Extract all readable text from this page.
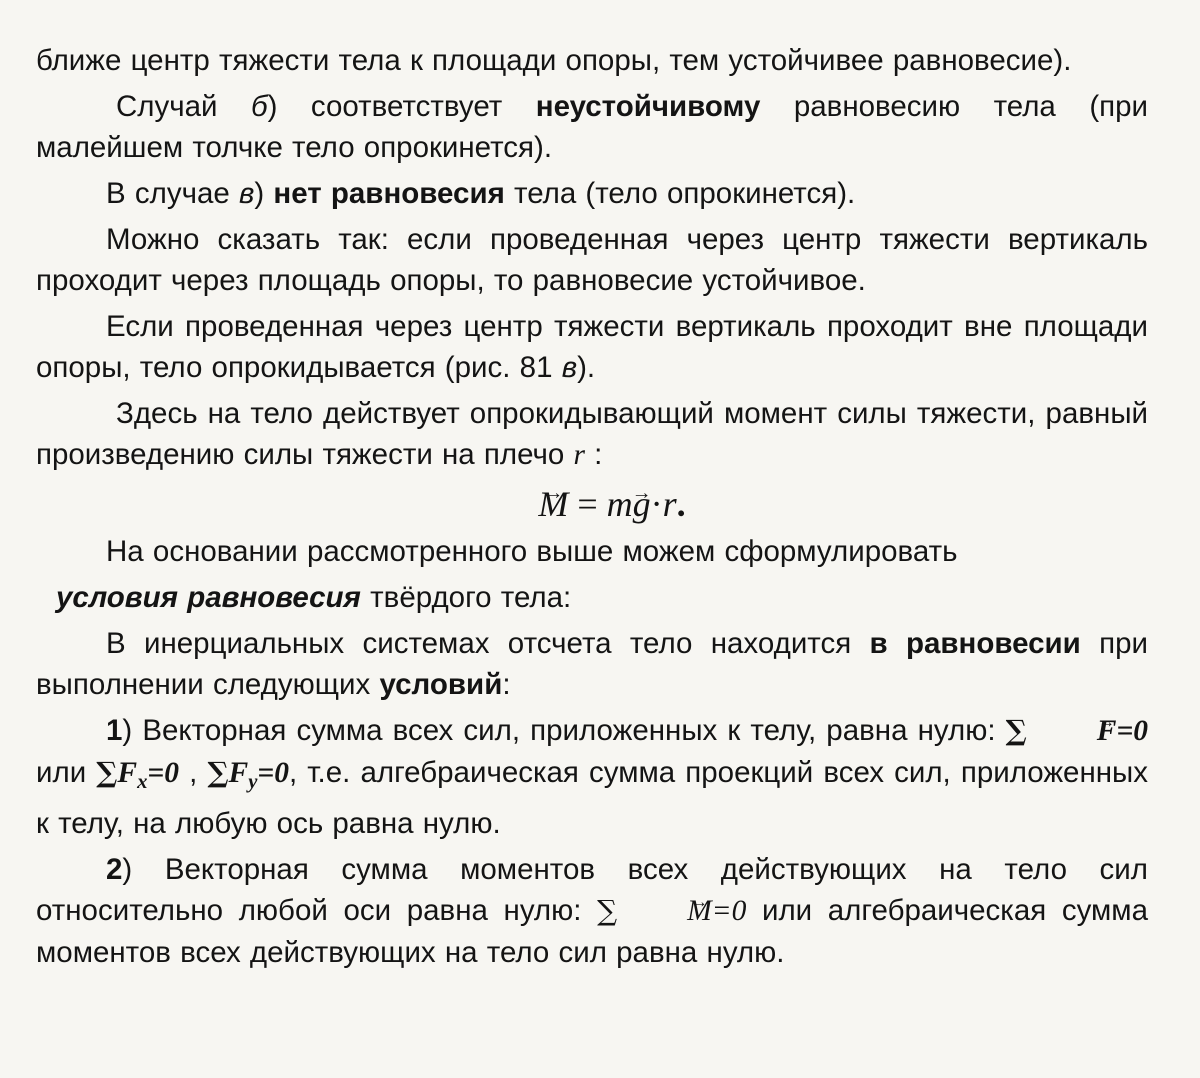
ближе центр тяжести тела к площади опоры, тем устойчивее равновесие).

Случай б) соответствует неустойчивому равновесию тела (при малейшем толчке тело опрокинется).

В случае в) нет равновесия тела (тело опрокинется).

Можно сказать так: если проведенная через центр тяжести вертикаль проходит через площадь опоры, то равновесие устойчивое.

Если проведенная через центр тяжести вертикаль проходит вне площади опоры, тело опрокидывается (рис. 81 в).

Здесь на тело действует опрокидывающий момент силы тяжести, равный произведению силы тяжести на плечо r :

→ M = m→ g·r.

На основании рассмотренного выше можем сформулировать

условия равновесия твёрдого тела:

В инерциальных системах отсчета тело находится в равновесии при выполнении следующих условий:

1) Векторная сумма всех сил, приложенных к телу, равна нулю: ∑ → F=0 или $\sum F_x=0$ , $\sum F_y=0$, т.е. алгебраическая сумма проекций всех сил, приложенных к телу, на любую ось равна нулю.

2) Векторная сумма моментов всех действующих на тело сил относительно любой оси равна нулю: ∑ → M=0 или алгебраическая сумма моментов всех действующих на тело сил равна нулю.
